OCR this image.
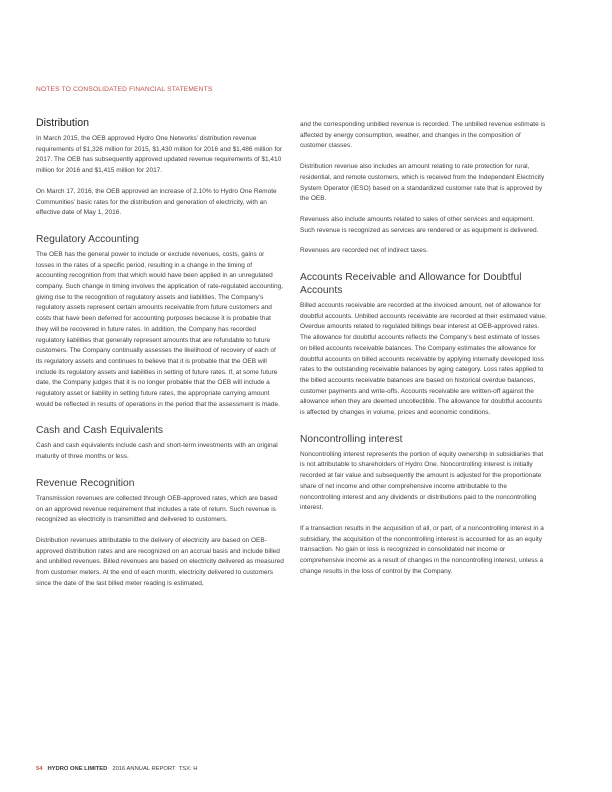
NOTES TO CONSOLIDATED FINANCIAL STATEMENTS
Distribution

In March 2015, the OEB approved Hydro One Networks’ distribution revenue requirements of $1,326 million for 2015, $1,430 million for 2016 and $1,486 million for 2017. The OEB has subsequently approved updated revenue requirements of $1,410 million for 2016 and $1,415 million for 2017.

On March 17, 2016, the OEB approved an increase of 2.10% to Hydro One Remote Communities’ basic rates for the distribution and generation of electricity, with an effective date of May 1, 2016.

Regulatory Accounting

The OEB has the general power to include or exclude revenues, costs, gains or losses in the rates of a specific period, resulting in a change in the timing of accounting recognition from that which would have been applied in an unregulated company. Such change in timing involves the application of rate-regulated accounting, giving rise to the recognition of regulatory assets and liabilities. The Company’s regulatory assets represent certain amounts receivable from future customers and costs that have been deferred for accounting purposes because it is probable that they will be recovered in future rates. In addition, the Company has recorded regulatory liabilities that generally represent amounts that are refundable to future customers. The Company continually assesses the likelihood of recovery of each of its regulatory assets and continues to believe that it is probable that the OEB will include its regulatory assets and liabilities in setting of future rates. If, at some future date, the Company judges that it is no longer probable that the OEB will include a regulatory asset or liability in setting future rates, the appropriate carrying amount would be reflected in results of operations in the period that the assessment is made.

Cash and Cash Equivalents

Cash and cash equivalents include cash and short-term investments with an original maturity of three months or less.

Revenue Recognition

Transmission revenues are collected through OEB-approved rates, which are based on an approved revenue requirement that includes a rate of return. Such revenue is recognized as electricity is transmitted and delivered to customers.

Distribution revenues attributable to the delivery of electricity are based on OEB-approved distribution rates and are recognized on an accrual basis and include billed and unbilled revenues. Billed revenues are based on electricity delivered as measured from customer meters. At the end of each month, electricity delivered to customers since the date of the last billed meter reading is estimated,

and the corresponding unbilled revenue is recorded. The unbilled revenue estimate is affected by energy consumption, weather, and changes in the composition of customer classes.

Distribution revenue also includes an amount relating to rate protection for rural, residential, and remote customers, which is received from the Independent Electricity System Operator (IESO) based on a standardized customer rate that is approved by the OEB.

Revenues also include amounts related to sales of other services and equipment. Such revenue is recognized as services are rendered or as equipment is delivered.

Revenues are recorded net of indirect taxes.

Accounts Receivable and Allowance for Doubtful Accounts

Billed accounts receivable are recorded at the invoiced amount, net of allowance for doubtful accounts. Unbilled accounts receivable are recorded at their estimated value. Overdue amounts related to regulated billings bear interest at OEB-approved rates. The allowance for doubtful accounts reflects the Company’s best estimate of losses on billed accounts receivable balances. The Company estimates the allowance for doubtful accounts on billed accounts receivable by applying internally developed loss rates to the outstanding receivable balances by aging category. Loss rates applied to the billed accounts receivable balances are based on historical overdue balances, customer payments and write-offs. Accounts receivable are written-off against the allowance when they are deemed uncollectible. The allowance for doubtful accounts is affected by changes in volume, prices and economic conditions.

Noncontrolling interest

Noncontrolling interest represents the portion of equity ownership in subsidiaries that is not attributable to shareholders of Hydro One. Noncontrolling interest is initially recorded at fair value and subsequently the amount is adjusted for the proportionate share of net income and other comprehensive income attributable to the noncontrolling interest and any dividends or distributions paid to the noncontrolling interest.

If a transaction results in the acquisition of all, or part, of a noncontrolling interest in a subsidiary, the acquisition of the noncontrolling interest is accounted for as an equity transaction. No gain or loss is recognized in consolidated net income or comprehensive income as a result of changes in the noncontrolling interest, unless a change results in the loss of control by the Company.

54 HYDRO ONE LIMITED 2016 ANNUAL REPORT TSX: H
